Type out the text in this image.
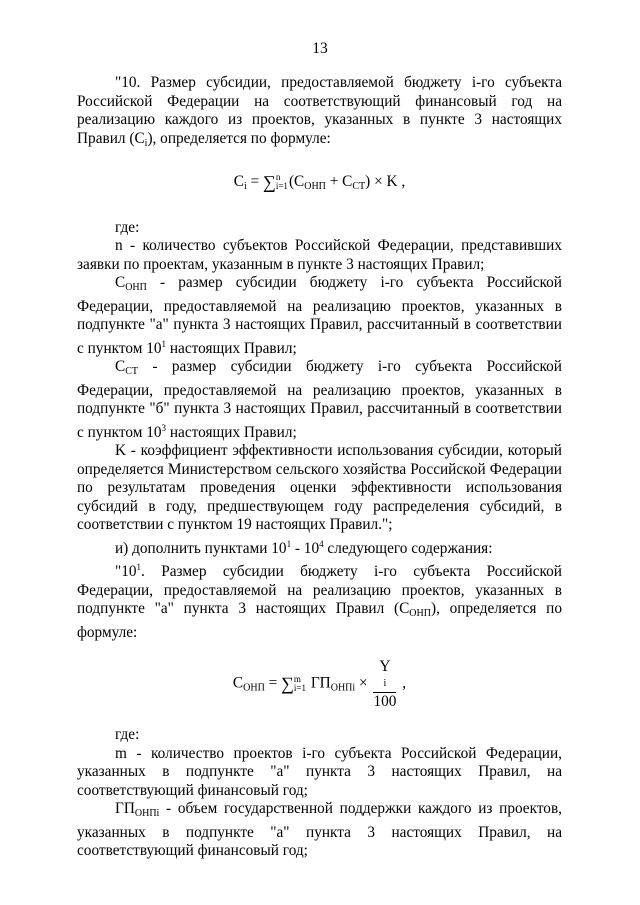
13

"10. Размер субсидии, предоставляемой бюджету i-го субъекта Российской Федерации на соответствующий финансовый год на реализацию каждого из проектов, указанных в пункте 3 настоящих Правил $(C_i)$, определяется по формуле:

$C_i$ = ∑ n
i=1 $(C_{ОНП} + C_{СТ}) \times K$ ,

где:

n - количество субъектов Российской Федерации, представивших заявки по проектам, указанным в пункте 3 настоящих Правил;

$C_{ОНП}$ - размер субсидии бюджету i-го субъекта Российской Федерации, предоставляемой на реализацию проектов, указанных в подпункте "а" пункта 3 настоящих Правил, рассчитанный в соответствии с пунктом $10^1$ настоящих Правил;

$C_{СТ}$ - размер субсидии бюджету i-го субъекта Российской Федерации, предоставляемой на реализацию проектов, указанных в подпункте "б" пункта 3 настоящих Правил, рассчитанный в соответствии с пунктом $10^3$ настоящих Правил;

K - коэффициент эффективности использования субсидии, который определяется Министерством сельского хозяйства Российской Федерации по результатам проведения оценки эффективности использования субсидий в году, предшествующем году распределения субсидий, в соответствии с пунктом 19 настоящих Правил.";

и) дополнить пунктами $10^1 - 10^4$ следующего содержания:

"$10^1$. Размер субсидии бюджету i-го субъекта Российской Федерации, предоставляемой на реализацию проектов, указанных в подпункте "а" пункта 3 настоящих Правил $(C_{ОНП})$, определяется по формуле:

$C_{ОНП}$ = ∑ m
i=1 $ГП_{ОНПi} \times Y$
i
100 ,

где:

m - количество проектов i-го субъекта Российской Федерации, указанных в подпункте "а" пункта 3 настоящих Правил, на соответствующий финансовый год;

$ГП_{ОНПi}$ - объем государственной поддержки каждого из проектов, указанных в подпункте "а" пункта 3 настоящих Правил, на соответствующий финансовый год;
